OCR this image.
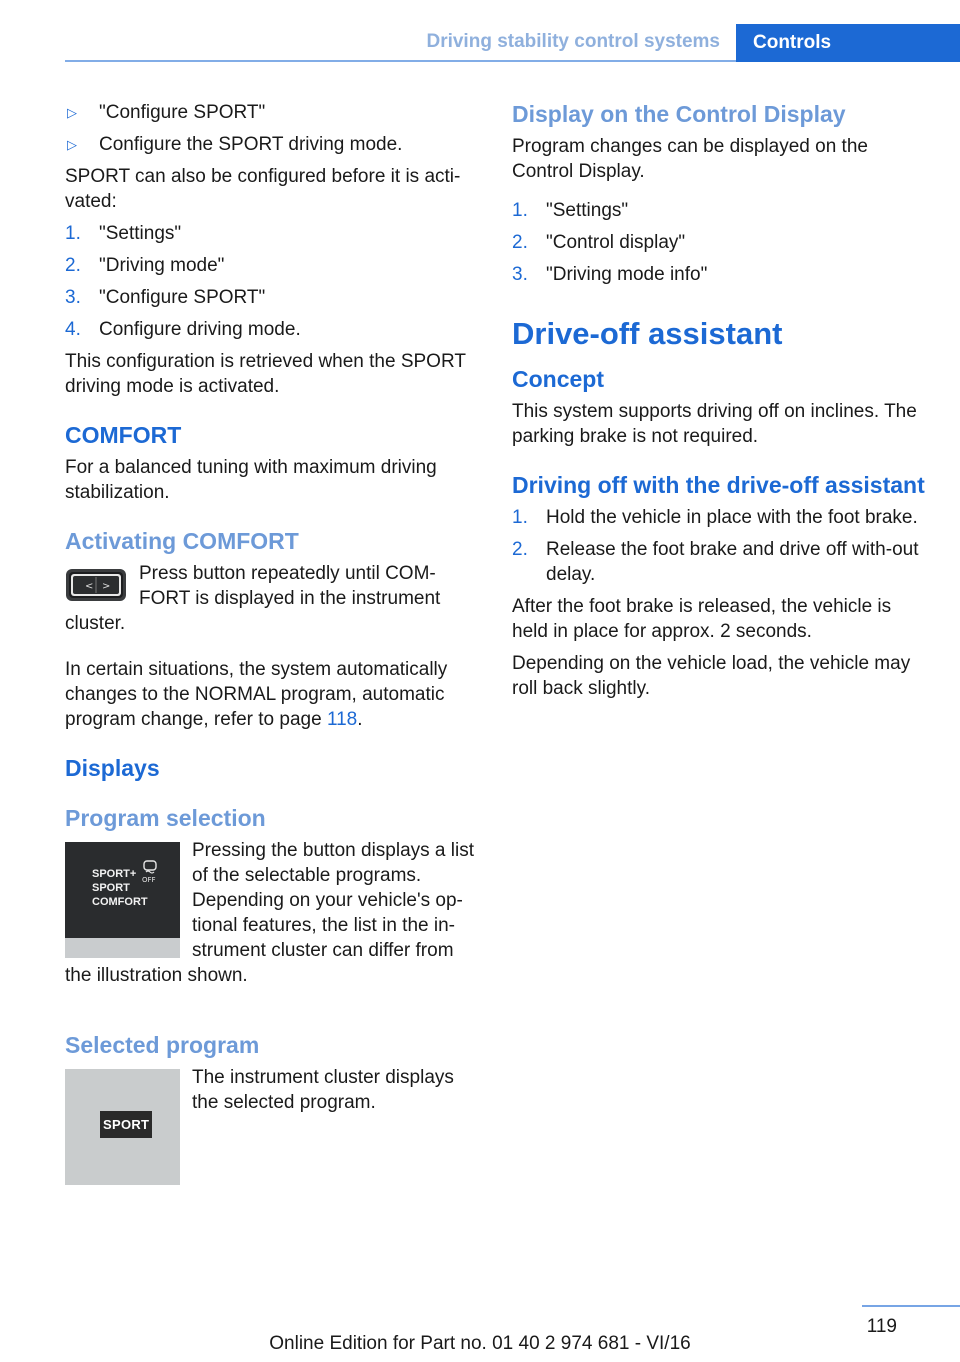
Driving stability control systems	Controls
▷ "Configure SPORT"
▷ Configure the SPORT driving mode.

SPORT can also be configured before it is acti‐vated:

1. "Settings"
2. "Driving mode"
3. "Configure SPORT"
4. Configure driving mode.

This configuration is retrieved when the SPORT driving mode is activated.

COMFORT

For a balanced tuning with maximum driving stabilization.

Activating COMFORT
< >

Press button repeatedly until COM‐FORT is displayed in the instrument cluster.

In certain situations, the system automatically changes to the NORMAL program, automatic program change, refer to page 118.

Displays
Program selection
SPORT+
SPORT
COMFORT
OFF

Pressing the button displays a list of the selectable programs. Depending on your vehicle's op‐tional features, the list in the in‐strument cluster can differ from the illustration shown.

Selected program
SPORT

The instrument cluster displays the selected program.

Display on the Control Display

Program changes can be displayed on the Control Display.

1. "Settings"
2. "Control display"
3. "Driving mode info"
Drive-off assistant
Concept

This system supports driving off on inclines. The parking brake is not required.

Driving off with the drive-off assistant
1. Hold the vehicle in place with the foot brake.
2. Release the foot brake and drive off with‐out delay.

After the foot brake is released, the vehicle is held in place for approx. 2 seconds.

Depending on the vehicle load, the vehicle may roll back slightly.

119
Online Edition for Part no. 01 40 2 974 681 - VI/16
